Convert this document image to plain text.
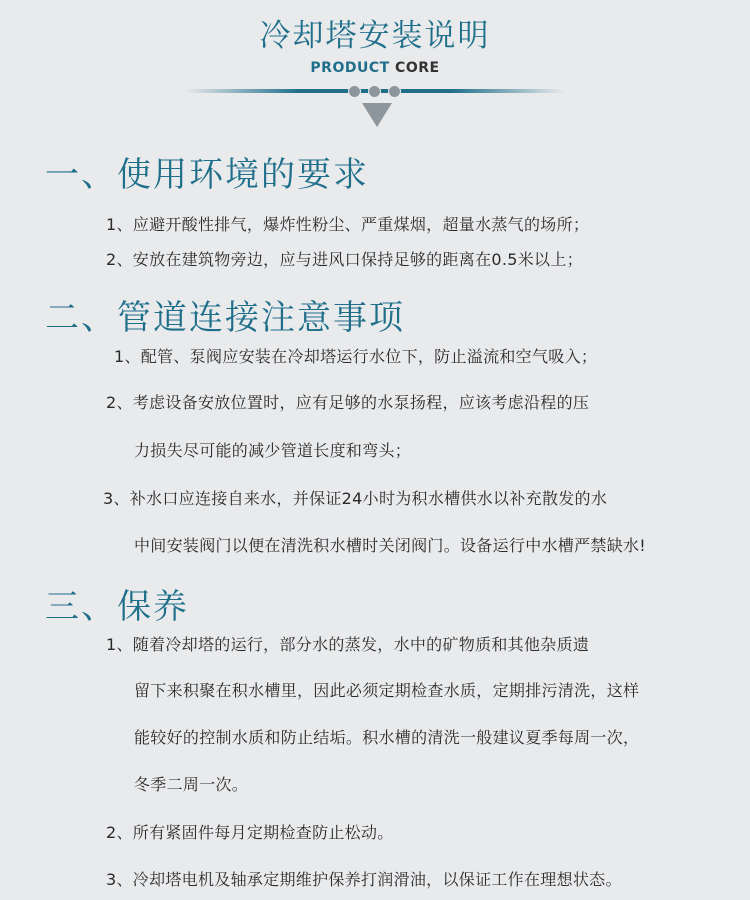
冷却塔安装说明
PRODUCT CORE
一、使用环境的要求
1、应避开酸性排气，爆炸性粉尘、严重煤烟，超量水蒸气的场所；
2、安放在建筑物旁边，应与进风口保持足够的距离在0.5米以上；
二、管道连接注意事项
1、配管、泵阀应安装在冷却塔运行水位下，防止溢流和空气吸入；
2、考虑设备安放位置时，应有足够的水泵扬程，应该考虑沿程的压
力损失尽可能的减少管道长度和弯头；
3、补水口应连接自来水，并保证24小时为积水槽供水以补充散发的水
中间安装阀门以便在清洗积水槽时关闭阀门。设备运行中水槽严禁缺水!
三、保养
1、随着冷却塔的运行，部分水的蒸发，水中的矿物质和其他杂质遗
留下来积聚在积水槽里，因此必须定期检查水质，定期排污清洗，这样
能较好的控制水质和防止结垢。积水槽的清洗一般建议夏季每周一次，
冬季二周一次。
2、所有紧固件每月定期检查防止松动。
3、冷却塔电机及轴承定期维护保养打润滑油，以保证工作在理想状态。
